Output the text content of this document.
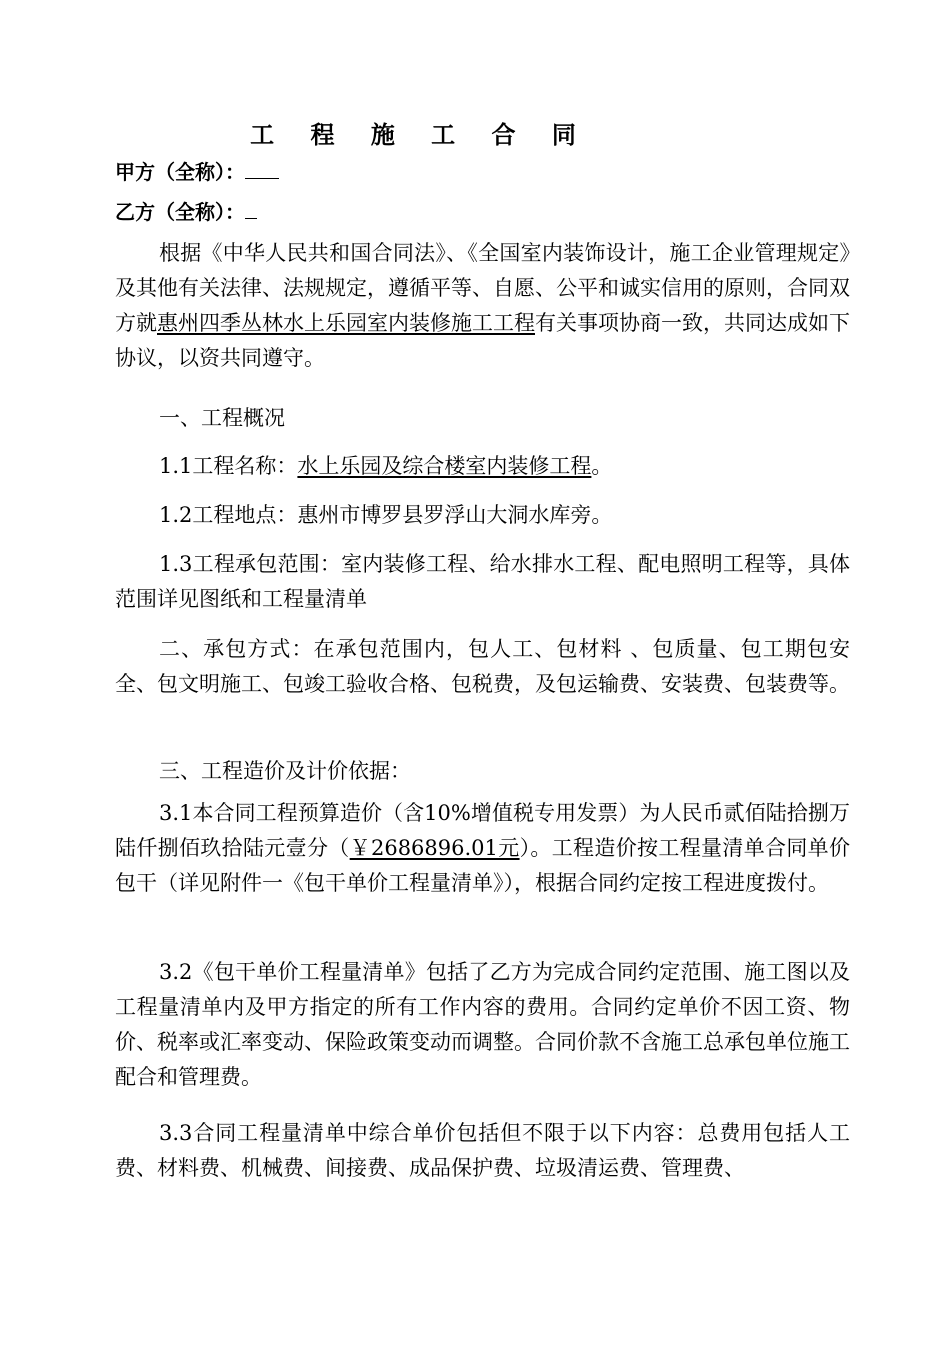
工 程 施 工 合 同
甲方（全称）：
乙方（全称）：

根据《中华人民共和国合同法》、《全国室内装饰设计，施工企业管理规定》及其他有关法律、法规规定，遵循平等、自愿、公平和诚实信用的原则，合同双方就惠州四季丛林水上乐园室内装修施工工程有关事项协商一致，共同达成如下协议，以资共同遵守。

一、工程概况

1.1工程名称：水上乐园及综合楼室内装修工程。

1.2工程地点：惠州市博罗县罗浮山大洞水库旁。

1.3工程承包范围：室内装修工程、给水排水工程、配电照明工程等，具体范围详见图纸和工程量清单

二、承包方式：在承包范围内，包人工、包材料 、包质量、包工期包安全、包文明施工、包竣工验收合格、包税费，及包运输费、安装费、包装费等。

三、工程造价及计价依据：

3.1本合同工程预算造价（含10%增值税专用发票）为人民币贰佰陆拾捌万陆仟捌佰玖拾陆元壹分（￥2686896.01元）。工程造价按工程量清单合同单价包干（详见附件一《包干单价工程量清单》），根据合同约定按工程进度拨付。

3.2《包干单价工程量清单》包括了乙方为完成合同约定范围、施工图以及工程量清单内及甲方指定的所有工作内容的费用。合同约定单价不因工资、物价、税率或汇率变动、保险政策变动而调整。合同价款不含施工总承包单位施工配合和管理费。

3.3合同工程量清单中综合单价包括但不限于以下内容：总费用包括人工费、材料费、机械费、间接费、成品保护费、垃圾清运费、管理费、
